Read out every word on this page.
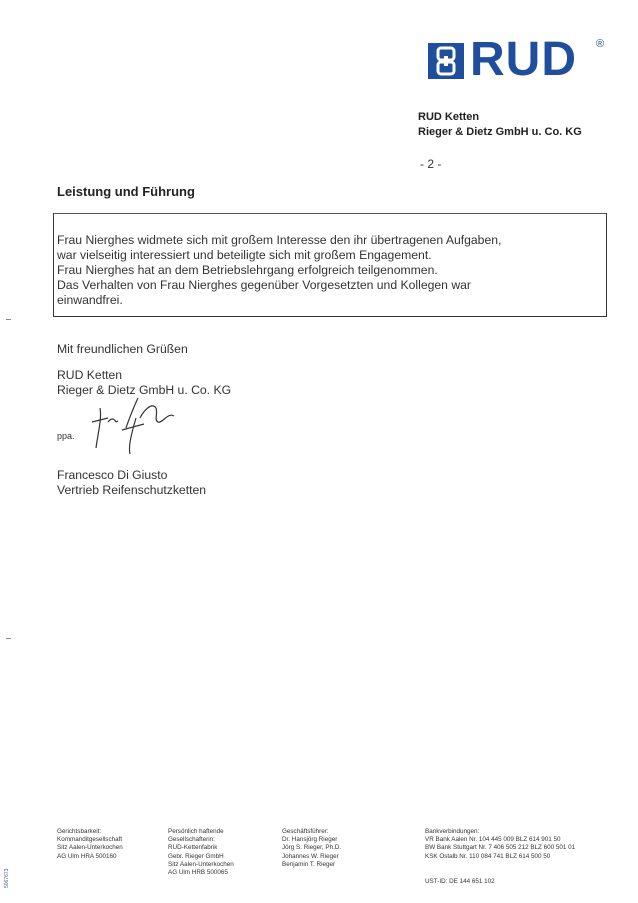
RUD ®
RUD Ketten
Rieger & Dietz GmbH u. Co. KG
- 2 -
Leistung und Führung
Frau Nierghes widmete sich mit großem Interesse den ihr übertragenen Aufgaben,
war vielseitig interessiert und beteiligte sich mit großem Engagement.
Frau Nierghes hat an dem Betriebslehrgang erfolgreich teilgenommen.
Das Verhalten von Frau Nierghes gegenüber Vorgesetzten und Kollegen war
einwandfrei.
Mit freundlichen Grüßen
RUD Ketten
Rieger & Dietz GmbH u. Co. KG
ppa.
Francesco Di Giusto
Vertrieb Reifenschutzketten
Gerichtsbarkeit:
Kommanditgesellschaft
Sitz Aalen-Unterkochen
AG Ulm HRA 500160
Persönlich haftende
Gesellschafterin:
RUD-Kettenfabrik
Gebr. Rieger GmbH
Sitz Aalen-Unterkochen
AG Ulm HRB 500065
Geschäftsführer:
Dr. Hansjörg Rieger
Jörg S. Rieger, Ph.D.
Johannes W. Rieger
Benjamin T. Rieger
Bankverbindungen:
VR Bank Aalen Nr. 104 445 009 BLZ 614 901 50
BW Bank Stuttgart Nr. 7 406 505 212 BLZ 600 501 01
KSK Ostalb Nr. 110 084 741 BLZ 614 500 50
UST-ID: DE 144 651 102
5067673
